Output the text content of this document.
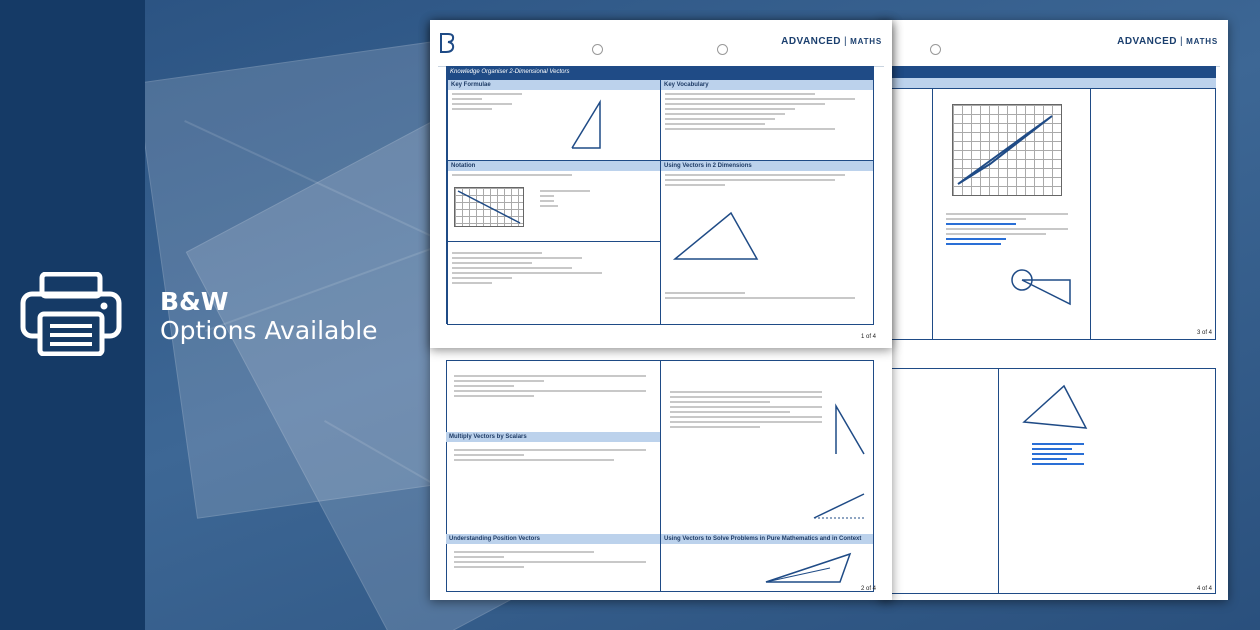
B&W
Options Available
ADVANCED | MATHS
3 of 4
4 of 4
Multiply Vectors by Scalars
Understanding Position Vectors	Using Vectors to Solve Problems in Pure Mathematics and in Context
2 of 4
ADVANCED | MATHS
Knowledge Organiser 2-Dimensional Vectors
Key Formulae	Key Vocabulary
Notation	Using Vectors in 2 Dimensions
1 of 4
